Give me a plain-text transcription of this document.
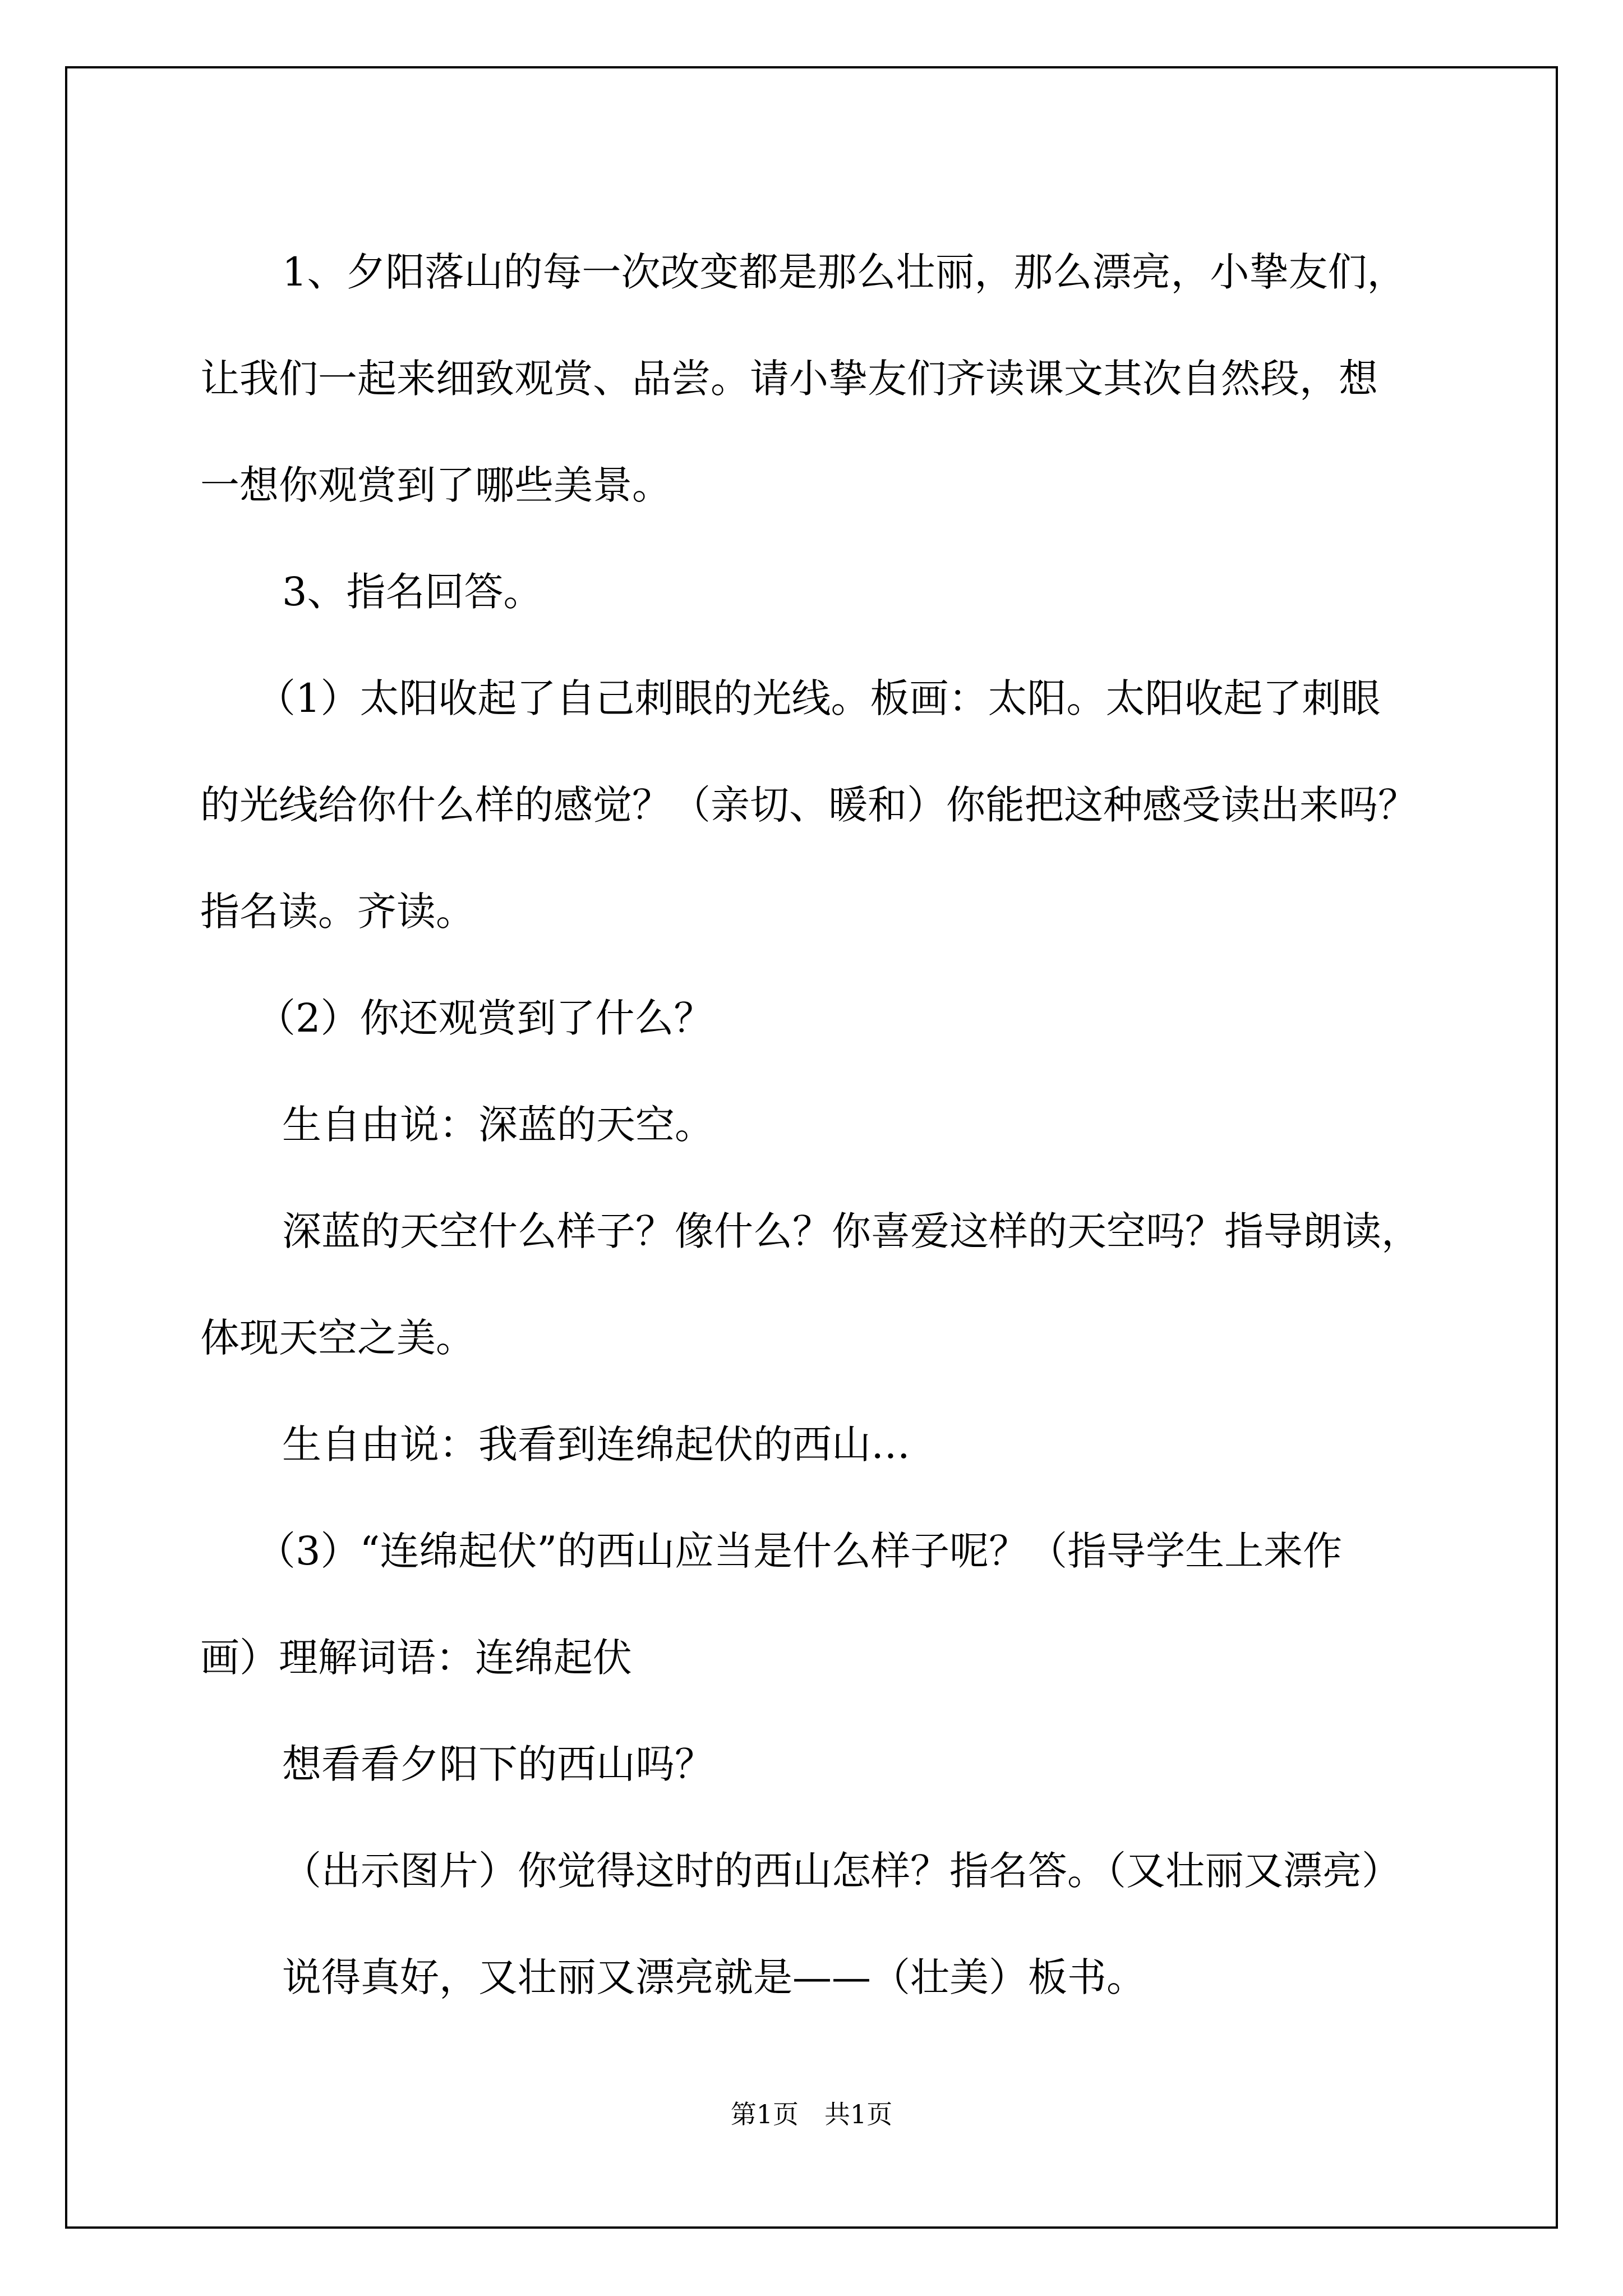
1、夕阳落山的每一次改变都是那么壮丽，那么漂亮，小挚友们，

让我们一起来细致观赏、品尝。请小挚友们齐读课文其次自然段，想

一想你观赏到了哪些美景。

3、指名回答。

（1）太阳收起了自己刺眼的光线。板画：太阳。太阳收起了刺眼

的光线给你什么样的感觉？（亲切、暖和）你能把这种感受读出来吗？

指名读。齐读。

（2）你还观赏到了什么？

生自由说：深蓝的天空。

深蓝的天空什么样子？像什么？你喜爱这样的天空吗？指导朗读，

体现天空之美。

生自由说：我看到连绵起伏的西山…

（3）“连绵起伏”的西山应当是什么样子呢？（指导学生上来作

画）理解词语：连绵起伏

想看看夕阳下的西山吗？

（出示图片）你觉得这时的西山怎样？指名答。（又壮丽又漂亮）

说得真好，又壮丽又漂亮就是——（壮美）板书。

第1页 共1页
